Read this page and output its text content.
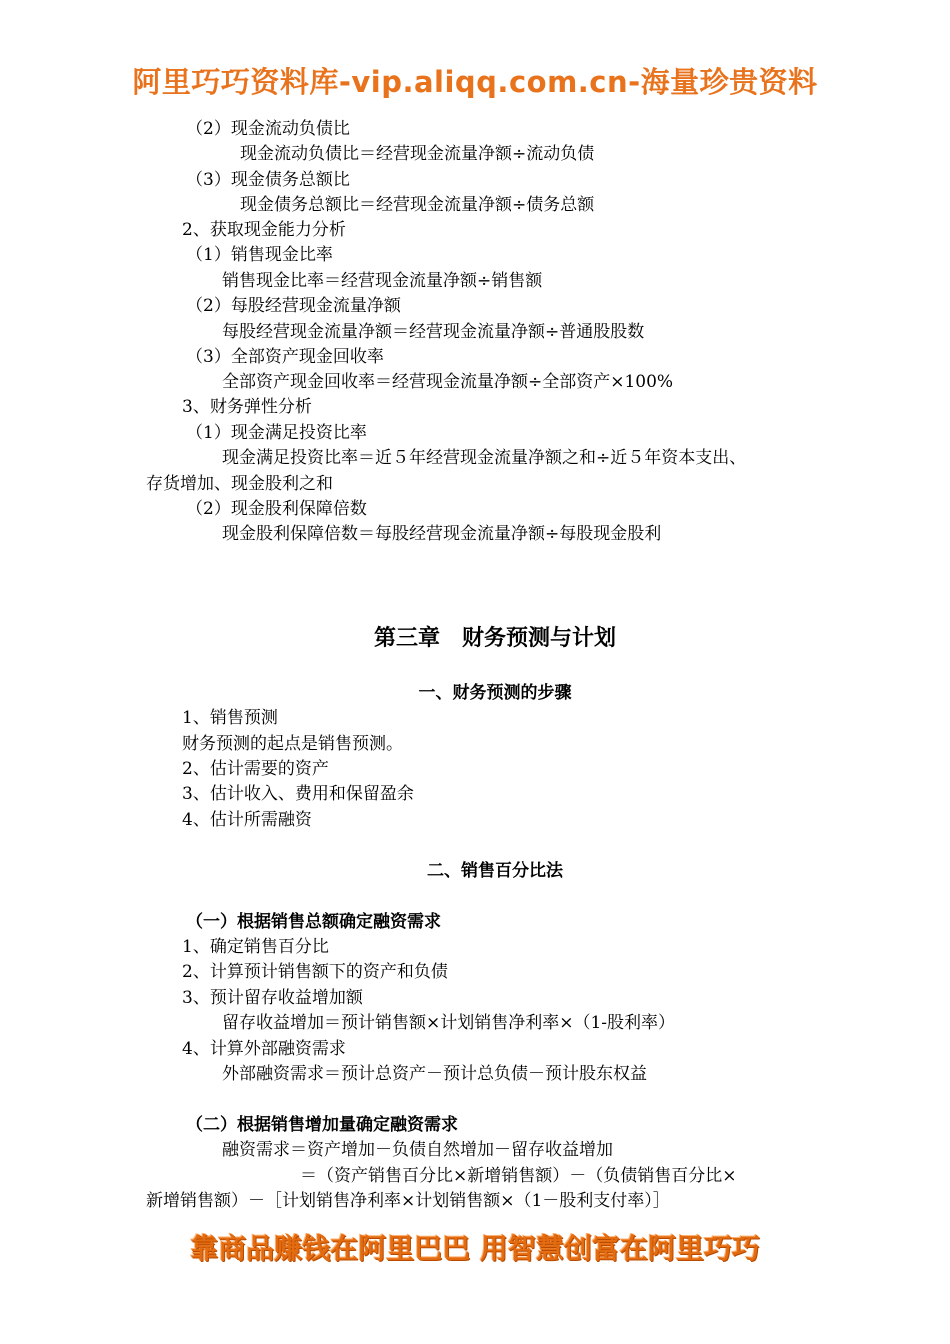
阿里巧巧资料库-vip.aliqq.com.cn-海量珍贵资料
（2）现金流动负债比
现金流动负债比＝经营现金流量净额÷流动负债
（3）现金债务总额比
现金债务总额比＝经营现金流量净额÷债务总额
2、获取现金能力分析
（1）销售现金比率
销售现金比率＝经营现金流量净额÷销售额
（2）每股经营现金流量净额
每股经营现金流量净额＝经营现金流量净额÷普通股股数
（3）全部资产现金回收率
全部资产现金回收率＝经营现金流量净额÷全部资产×100%
3、财务弹性分析
（1）现金满足投资比率
现金满足投资比率＝近５年经营现金流量净额之和÷近５年资本支出、
存货增加、现金股利之和
（2）现金股利保障倍数
现金股利保障倍数＝每股经营现金流量净额÷每股现金股利
第三章　财务预测与计划
一、财务预测的步骤
1、销售预测
财务预测的起点是销售预测。
2、估计需要的资产
3、估计收入、费用和保留盈余
4、估计所需融资
二、销售百分比法
（一）根据销售总额确定融资需求
1、确定销售百分比
2、计算预计销售额下的资产和负债
3、预计留存收益增加额
留存收益增加＝预计销售额×计划销售净利率×（1-股利率）
4、计算外部融资需求
外部融资需求＝预计总资产－预计总负债－预计股东权益
（二）根据销售增加量确定融资需求
融资需求＝资产增加－负债自然增加－留存收益增加
＝（资产销售百分比×新增销售额）－（负债销售百分比×
新增销售额）－［计划销售净利率×计划销售额×（1－股利支付率）］
靠商品赚钱在阿里巴巴 用智慧创富在阿里巧巧
